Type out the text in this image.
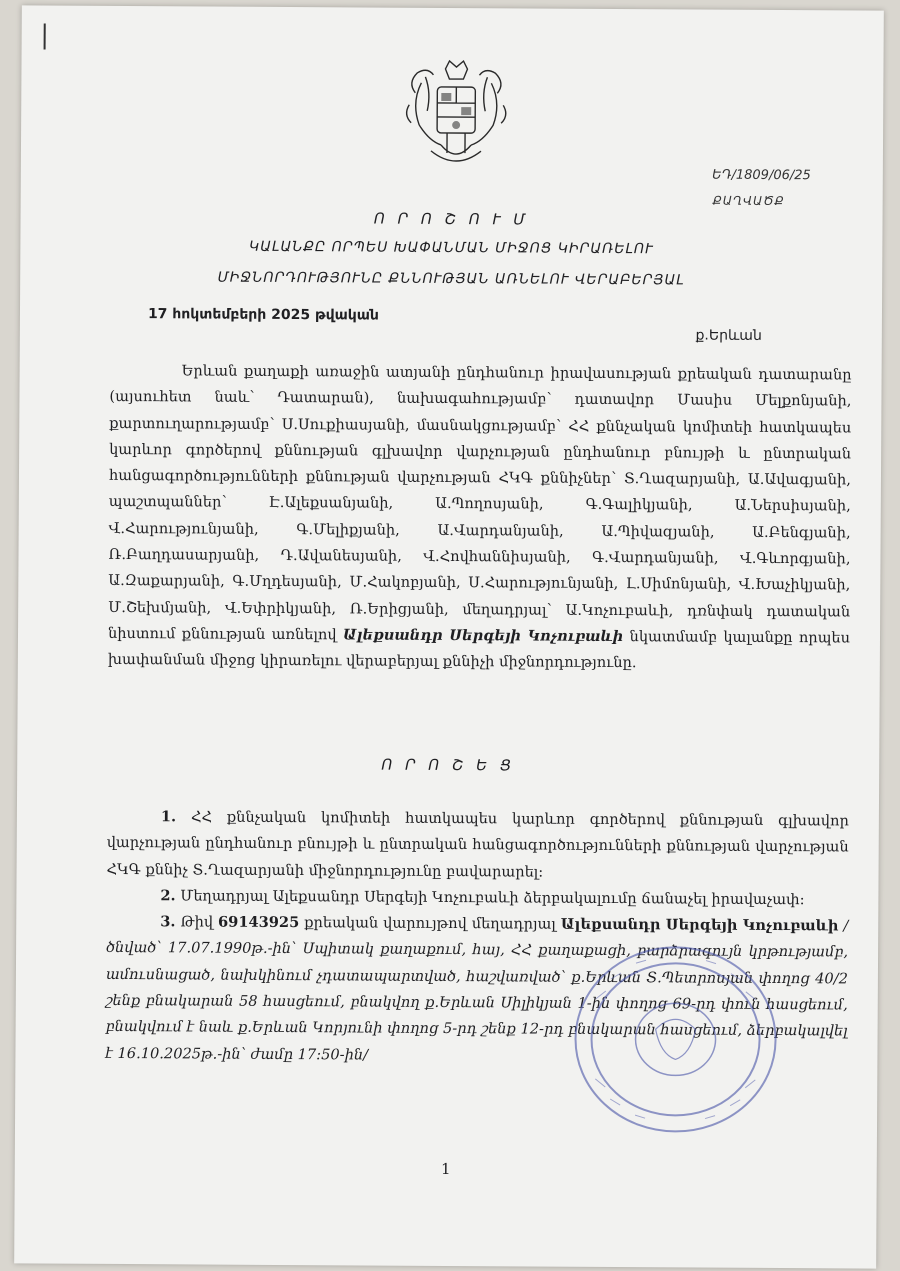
ԵԴ/1809/06/25
ՔԱՂՎԱԾՔ
Ո Ր Ո Շ Ո Ւ Մ
ԿԱԼԱՆՔԸ ՈՐՊԵՍ ԽԱՓԱՆՄԱՆ ՄԻՋՈՑ ԿԻՐԱՌԵԼՈՒ
ՄԻՋՆՈՐԴՈՒԹՅՈՒՆԸ ՔՆՆՈՒԹՅԱՆ ԱՌՆԵԼՈՒ ՎԵՐԱԲԵՐՅԱԼ
17 հոկտեմբերի 2025 թվական
ք.Երևան
Երևան քաղաքի առաջին ատյանի ընդհանուր իրավասության քրեական դատարանը (այսուհետ նաև՝ Դատարան), նախագահությամբ՝ դատավոր Մասիս Մելքոնյանի, քարտուղարությամբ՝ Ս.Սուքիասյանի, մասնակցությամբ՝ ՀՀ քննչական կոմիտեի հատկապես կարևոր գործերով քննության գլխավոր վարչության ընդհանուր բնույթի և ընտրական հանցագործությունների քննության վարչության ՀԿԳ քննիչներ՝ Տ.Ղազարյանի, Ա.Ավագյանի, պաշտպաններ՝ Է.Ալեքսանյանի, Ա.Պողոսյանի, Գ.Գալիկյանի, Ա.Ներսիսյանի, Վ.Հարությունյանի, Գ.Մելիքյանի, Ա.Վարդանյանի, Ա.Պիվազյանի, Ա.Բենգյանի, Ռ.Բաղդասարյանի, Դ.Ավանեսյանի, Վ.Հովհաննիսյանի, Գ.Վարդանյանի, Վ.Գևորգյանի, Ա.Զաքարյանի, Գ.Մղդեսյանի, Մ.Հակոբյանի, Ս.Հարությունյանի, Լ.Սիմոնյանի, Վ.Խաչիկյանի, Մ.Շեխմյանի, Վ.Եփրիկյանի, Ռ.Երիցյանի, մեղադրյալ՝ Ա.Կոչուբաևի, դռնփակ դատական նիստում քննության առնելով Ալեքսանդր Սերգեյի Կոչուբաևի նկատմամբ կալանքը որպես խափանման միջոց կիրառելու վերաբերյալ քննիչի միջնորդությունը.
Ո Ր Ո Շ Ե Ց

1. ՀՀ քննչական կոմիտեի հատկապես կարևոր գործերով քննության գլխավոր վարչության ընդհանուր բնույթի և ընտրական հանցագործությունների քննության վարչության ՀԿԳ քննիչ Տ.Ղազարյանի միջնորդությունը բավարարել:

2. Մեղադրյալ Ալեքսանդր Սերգեյի Կոչուբաևի ձերբակալումը ճանաչել իրավաչափ:

3. Թիվ 69143925 քրեական վարույթով մեղադրյալ Ալեքսանդր Սերգեյի Կոչուբաևի /ծնված՝ 17.07.1990թ.-ին՝ Սպիտակ քաղաքում, հայ, ՀՀ քաղաքացի, բարձրագույն կրթությամբ, ամուսնացած, նախկինում չդատապարտված, հաշվառված՝ ք.Երևան Տ.Պետրոսյան փողոց 40/2 շենք բնակարան 58 հասցեում, բնակվող ք.Երևան Սիլիկյան 1-ին փողոց 69-րդ փուն հասցեում, բնակվում է նաև ք.Երևան Կորյունի փողոց 5-րդ շենք 12-րդ բնակարան հասցեում, ձերբակալվել է 16.10.2025թ.-ին՝ ժամը 17:50-ին/

1
